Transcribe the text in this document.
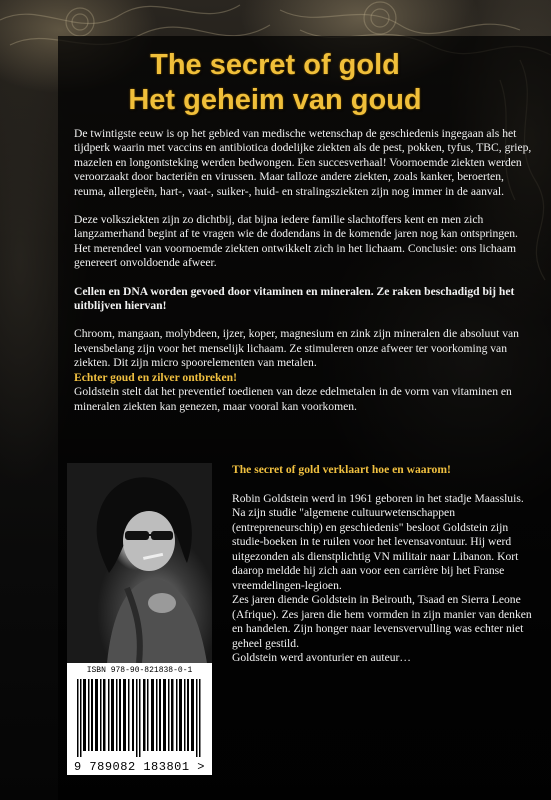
The secret of gold
Het geheim van goud

De twintigste eeuw is op het gebied van medische wetenschap de geschiedenis ingegaan als het tijdperk waarin met vaccins en antibiotica dodelijke ziekten als de pest, pokken, tyfus, TBC, griep, mazelen en longontsteking werden bedwongen. Een succesverhaal! Voornoemde ziekten werden veroorzaakt door bacteriën en virussen. Maar talloze andere ziekten, zoals kanker, beroerten, reuma, allergieën, hart-, vaat-, suiker-, huid- en stralingsziekten zijn nog immer in de aanval.

Deze volksziekten zijn zo dichtbij, dat bijna iedere familie slachtoffers kent en men zich langzamerhand begint af te vragen wie de dodendans in de komende jaren nog kan ontspringen. Het merendeel van voornoemde ziekten ontwikkelt zich in het lichaam. Conclusie: ons lichaam genereert onvoldoende afweer.

Cellen en DNA worden gevoed door vitaminen en mineralen. Ze raken beschadigd bij het uitblijven hiervan!

Chroom, mangaan, molybdeen, ijzer, koper, magnesium en zink zijn mineralen die absoluut van levensbelang zijn voor het menselijk lichaam. Ze stimuleren onze afweer ter voorkoming van ziekten. Dit zijn micro spoorelementen van metalen.
Echter goud en zilver ontbreken!
Goldstein stelt dat het preventief toedienen van deze edelmetalen in de vorm van vitaminen en mineralen ziekten kan genezen, maar vooral kan voorkomen.

ISBN 978-90-821838-0-1
9 789082 183801 >

The secret of gold verklaart hoe en waarom!

Robin Goldstein werd in 1961 geboren in het stadje Maassluis. Na zijn studie "algemene cultuurwetenschappen (entrepreneurschip) en geschiedenis" besloot Goldstein zijn studie-boeken in te ruilen voor het levensavontuur. Hij werd uitgezonden als dienstplichtig VN militair naar Libanon. Kort daarop meldde hij zich aan voor een carrière bij het Franse vreemdelingen-legioen.

Zes jaren diende Goldstein in Beirouth, Tsaad en Sierra Leone (Afrique). Zes jaren die hem vormden in zijn manier van denken en handelen. Zijn honger naar levensvervulling was echter niet geheel gestild.

Goldstein werd avonturier en auteur…
